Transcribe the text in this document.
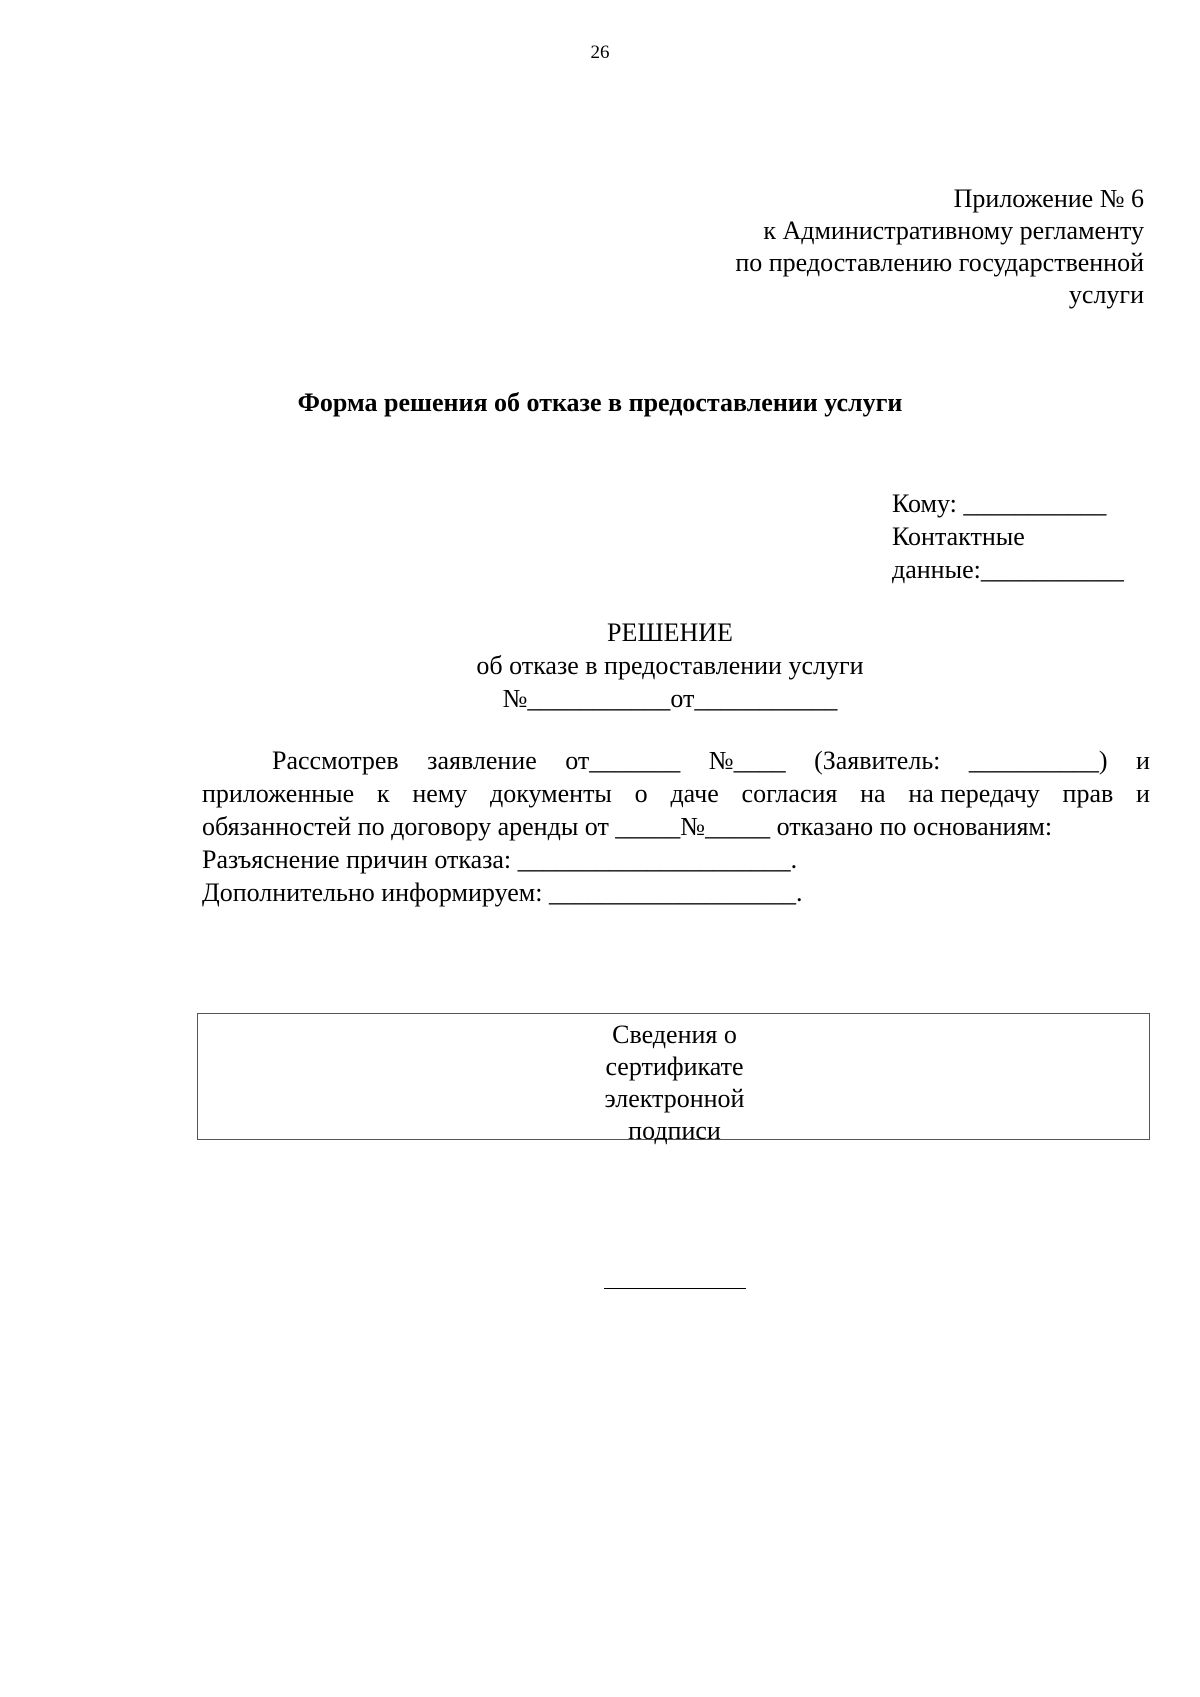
26
Приложение № 6
к Административному регламенту
по предоставлению государственной
услуги
Форма решения об отказе в предоставлении услуги
Кому: ___________
Контактные
данные:___________
РЕШЕНИЕ
об отказе в предоставлении услуги
№___________от___________
Рассмотрев заявление от_______ №____ (Заявитель: __________) и
приложенные к нему документы о даче согласия на на передачу прав и
обязанностей по договору аренды от _____№_____ отказано по основаниям:
Разъяснение причин отказа: _____________________.
Дополнительно информируем: ___________________.
Сведения о
сертификате
электронной
подписи
